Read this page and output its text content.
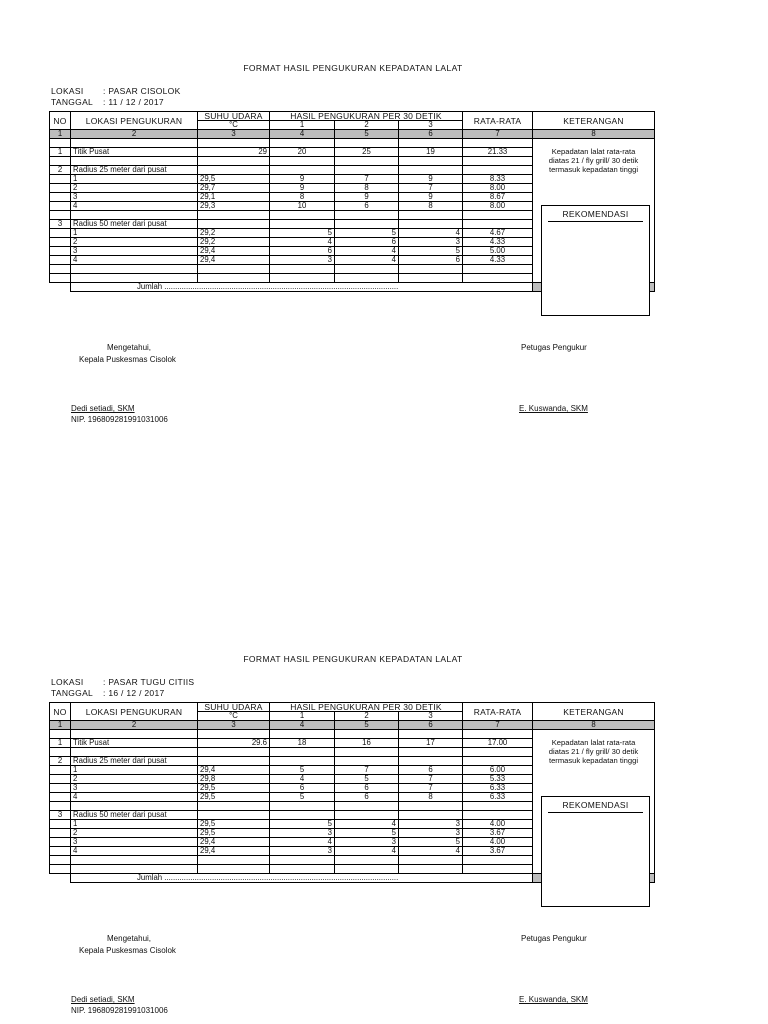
FORMAT HASIL PENGUKURAN KEPADATAN LALAT
LOKASI : PASAR CISOLOK
TANGGAL : 11 / 12 / 2017
NO	LOKASI PENGUKURAN	SUHU UDARA	HASIL PENGUKURAN PER 30 DETIK			RATA-RATA	KETERANGAN
		°C	1	2	3		
1	2	3	4	5	6	7	8

1	Titik Pusat	29	20	25	19	21.33	Kepadatan lalat rata-rata
							diatas 21 / fly grill/ 30 detik
2	Radius 25 meter dari pusat						termasuk kepadatan tinggi
	1	29,5	9	7	9	8.33	
	2	29,7	9	8	7	8.00	
	3	29,1	8	9	9	8.67	
	4	29,3	10	6	8	8.00	

3	Radius 50 meter dari pusat						
	1	29,2	5	5	4	4.67	
	2	29,2	4	6	3	4.33	
	3	29,4	6	4	5	5.00	
	4	29,4	3	4	6	4.33	

	Jumlah ............................................................................................................						
REKOMENDASI
Mengetahui,
Kepala Puskesmas Cisolok
Petugas Pengukur
Dedi setiadi, SKM
NIP. 196809281991031006
E. Kuswanda, SKM
FORMAT HASIL PENGUKURAN KEPADATAN LALAT
LOKASI : PASAR TUGU CITIIS
TANGGAL : 16 / 12 / 2017
NO	LOKASI PENGUKURAN	SUHU UDARA	HASIL PENGUKURAN PER 30 DETIK			RATA-RATA	KETERANGAN
		°C	1	2	3		
1	2	3	4	5	6	7	8

1	Titik Pusat	29.6	18	16	17	17.00	Kepadatan lalat rata-rata
							diatas 21 / fly grill/ 30 detik
2	Radius 25 meter dari pusat						termasuk kepadatan tinggi
	1	29,4	5	7	6	6.00	
	2	29,8	4	5	7	5.33	
	3	29,5	6	6	7	6.33	
	4	29,5	5	6	8	6.33	

3	Radius 50 meter dari pusat						
	1	29,5	5	4	3	4.00	
	2	29,5	3	5	3	3.67	
	3	29,4	4	3	5	4.00	
	4	29,4	3	4	4	3.67	

	Jumlah ............................................................................................................						
REKOMENDASI
Mengetahui,
Kepala Puskesmas Cisolok
Petugas Pengukur
Dedi setiadi, SKM
NIP. 196809281991031006
E. Kuswanda, SKM
